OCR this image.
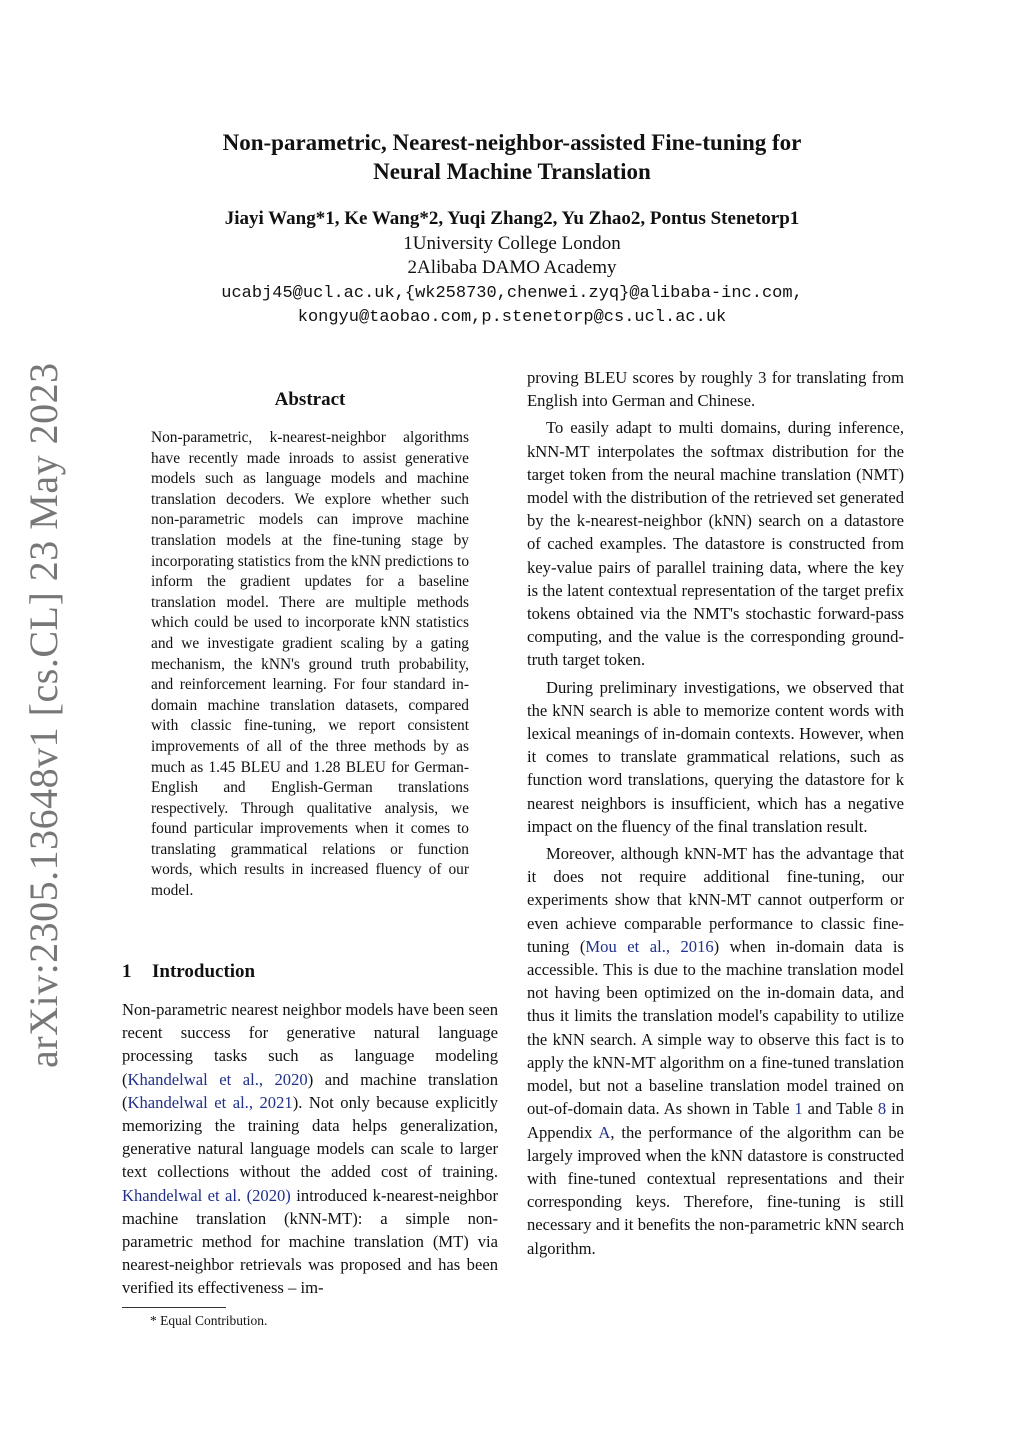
arXiv:2305.13648v1 [cs.CL] 23 May 2023
Non-parametric, Nearest-neighbor-assisted Fine-tuning for
Neural Machine Translation
Jiayi Wang*1, Ke Wang*2, Yuqi Zhang2, Yu Zhao2, Pontus Stenetorp1
1University College London
2Alibaba DAMO Academy
ucabj45@ucl.ac.uk,{wk258730,chenwei.zyq}@alibaba-inc.com,
kongyu@taobao.com,p.stenetorp@cs.ucl.ac.uk
Abstract
Non-parametric, k-nearest-neighbor algorithms have recently made inroads to assist generative models such as language models and machine translation decoders. We explore whether such non-parametric models can improve machine translation models at the fine-tuning stage by incorporating statistics from the kNN predictions to inform the gradient updates for a baseline translation model. There are multiple methods which could be used to incorporate kNN statistics and we investigate gradient scaling by a gating mechanism, the kNN's ground truth probability, and reinforcement learning. For four standard in-domain machine translation datasets, compared with classic fine-tuning, we report consistent improvements of all of the three methods by as much as 1.45 BLEU and 1.28 BLEU for German-English and English-German translations respectively. Through qualitative analysis, we found particular improvements when it comes to translating grammatical relations or function words, which results in increased fluency of our model.
1 Introduction

Non-parametric nearest neighbor models have been seen recent success for generative natural language processing tasks such as language modeling (Khandelwal et al., 2020) and machine translation (Khandelwal et al., 2021). Not only because explicitly memorizing the training data helps generalization, generative natural language models can scale to larger text collections without the added cost of training. Khandelwal et al. (2020) introduced k-nearest-neighbor machine translation (kNN-MT): a simple non-parametric method for machine translation (MT) via nearest-neighbor retrievals was proposed and has been verified its effectiveness – im-

proving BLEU scores by roughly 3 for translating from English into German and Chinese.

To easily adapt to multi domains, during inference, kNN-MT interpolates the softmax distribution for the target token from the neural machine translation (NMT) model with the distribution of the retrieved set generated by the k-nearest-neighbor (kNN) search on a datastore of cached examples. The datastore is constructed from key-value pairs of parallel training data, where the key is the latent contextual representation of the target prefix tokens obtained via the NMT's stochastic forward-pass computing, and the value is the corresponding ground-truth target token.

During preliminary investigations, we observed that the kNN search is able to memorize content words with lexical meanings of in-domain contexts. However, when it comes to translate grammatical relations, such as function word translations, querying the datastore for k nearest neighbors is insufficient, which has a negative impact on the fluency of the final translation result.

Moreover, although kNN-MT has the advantage that it does not require additional fine-tuning, our experiments show that kNN-MT cannot outperform or even achieve comparable performance to classic fine-tuning (Mou et al., 2016) when in-domain data is accessible. This is due to the machine translation model not having been optimized on the in-domain data, and thus it limits the translation model's capability to utilize the kNN search. A simple way to observe this fact is to apply the kNN-MT algorithm on a fine-tuned translation model, but not a baseline translation model trained on out-of-domain data. As shown in Table 1 and Table 8 in Appendix A, the performance of the algorithm can be largely improved when the kNN datastore is constructed with fine-tuned contextual representations and their corresponding keys. Therefore, fine-tuning is still necessary and it benefits the non-parametric kNN search algorithm.

* Equal Contribution.
